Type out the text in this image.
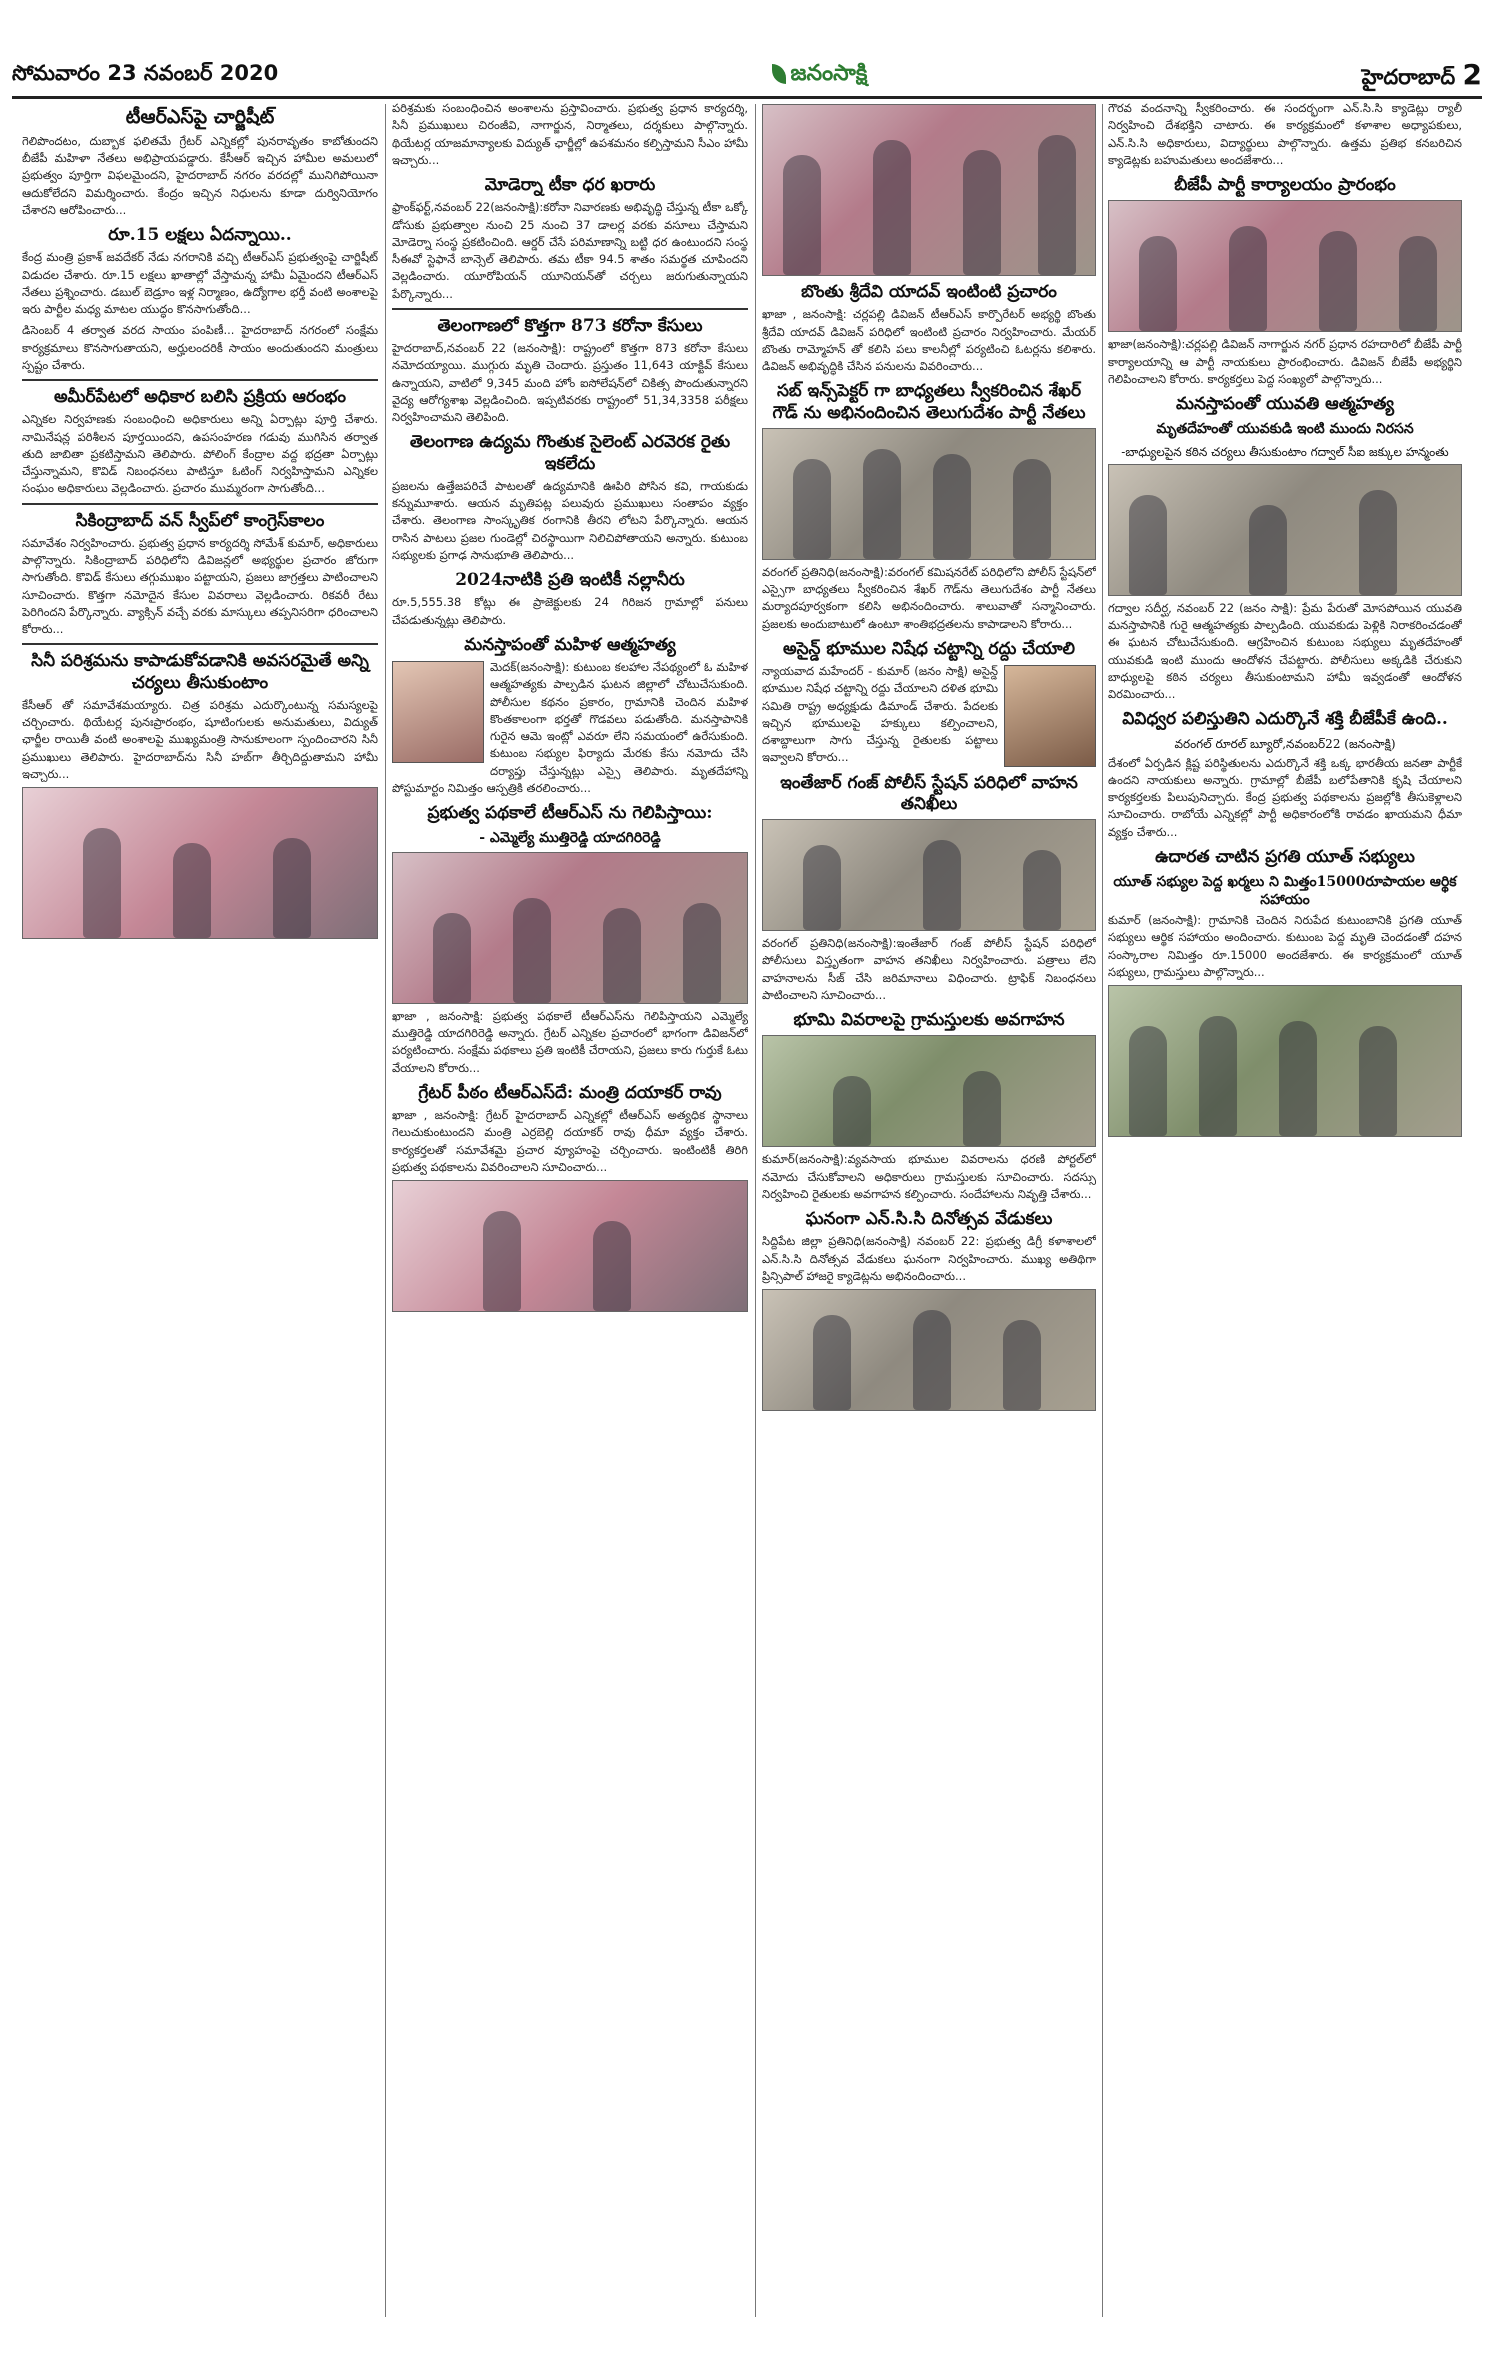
సోమవారం 23 నవంబర్ 2020	జనంసాక్షి	హైదరాబాద్ 2
టీఆర్‌ఎస్‌పై చార్జిషీట్

గెలిపొందటం, దుబ్బాక ఫలితమే గ్రేటర్ ఎన్నికల్లో పునరావృతం కాబోతుందని బీజేపీ మహిళా నేతలు అభిప్రాయపడ్డారు. కేసీఆర్ ఇచ్చిన హామీల అమలులో ప్రభుత్వం పూర్తిగా విఫలమైందని, హైదరాబాద్ నగరం వరదల్లో మునిగిపోయినా ఆదుకోలేదని విమర్శించారు. కేంద్రం ఇచ్చిన నిధులను కూడా దుర్వినియోగం చేశారని ఆరోపించారు...

రూ.15 లక్షలు ఏదన్నాయి..

కేంద్ర మంత్రి ప్రకాశ్ జవదేకర్ నేడు నగరానికి వచ్చి టీఆర్‌ఎస్ ప్రభుత్వంపై చార్జిషీట్ విడుదల చేశారు. రూ.15 లక్షలు ఖాతాల్లో వేస్తామన్న హామీ ఏమైందని టీఆర్‌ఎస్ నేతలు ప్రశ్నించారు. డబుల్ బెడ్రూం ఇళ్ల నిర్మాణం, ఉద్యోగాల భర్తీ వంటి అంశాలపై ఇరు పార్టీల మధ్య మాటల యుద్ధం కొనసాగుతోంది...

డిసెంబర్ 4 తర్వాత వరద సాయం పంపిణీ... హైదరాబాద్ నగరంలో సంక్షేమ కార్యక్రమాలు కొనసాగుతాయని, అర్హులందరికీ సాయం అందుతుందని మంత్రులు స్పష్టం చేశారు.

అమీర్‌పేటలో అధికార బలిసి ప్రక్రియ ఆరంభం

ఎన్నికల నిర్వహణకు సంబంధించి అధికారులు అన్ని ఏర్పాట్లు పూర్తి చేశారు. నామినేషన్ల పరిశీలన పూర్తయిందని, ఉపసంహరణ గడువు ముగిసిన తర్వాత తుది జాబితా ప్రకటిస్తామని తెలిపారు. పోలింగ్ కేంద్రాల వద్ద భద్రతా ఏర్పాట్లు చేస్తున్నామని, కొవిడ్ నిబంధనలు పాటిస్తూ ఓటింగ్ నిర్వహిస్తామని ఎన్నికల సంఘం అధికారులు వెల్లడించారు. ప్రచారం ముమ్మరంగా సాగుతోంది...

సికింద్రాబాద్ వన్ స్వీప్‌లో కాంగ్రెస్‌కాలం

సమావేశం నిర్వహించారు. ప్రభుత్వ ప్రధాన కార్యదర్శి సోమేశ్ కుమార్, అధికారులు పాల్గొన్నారు. సికింద్రాబాద్ పరిధిలోని డివిజన్లలో అభ్యర్థుల ప్రచారం జోరుగా సాగుతోంది. కొవిడ్ కేసులు తగ్గుముఖం పట్టాయని, ప్రజలు జాగ్రత్తలు పాటించాలని సూచించారు. కొత్తగా నమోదైన కేసుల వివరాలు వెల్లడించారు. రికవరీ రేటు పెరిగిందని పేర్కొన్నారు. వ్యాక్సిన్ వచ్చే వరకు మాస్కులు తప్పనిసరిగా ధరించాలని కోరారు...

సినీ పరిశ్రమను కాపాడుకోవడానికి అవసరమైతే అన్ని చర్యలు తీసుకుంటాం

కేసీఆర్ తో సమావేశమయ్యారు. చిత్ర పరిశ్రమ ఎదుర్కొంటున్న సమస్యలపై చర్చించారు. థియేటర్ల పునఃప్రారంభం, షూటింగులకు అనుమతులు, విద్యుత్ ఛార్జీల రాయితీ వంటి అంశాలపై ముఖ్యమంత్రి సానుకూలంగా స్పందించారని సినీ ప్రముఖులు తెలిపారు. హైదరాబాద్‌ను సినీ హబ్‌గా తీర్చిదిద్దుతామని హామీ ఇచ్చారు...

పరిశ్రమకు సంబంధించిన అంశాలను ప్రస్తావించారు. ప్రభుత్వ ప్రధాన కార్యదర్శి, సినీ ప్రముఖులు చిరంజీవి, నాగార్జున, నిర్మాతలు, దర్శకులు పాల్గొన్నారు. థియేటర్ల యాజమాన్యాలకు విద్యుత్ ఛార్జీల్లో ఉపశమనం కల్పిస్తామని సీఎం హామీ ఇచ్చారు...

మోడెర్నా టీకా ధర ఖరారు

ఫ్రాంక్‌ఫర్ట్‌,నవంబర్ 22(జనంసాక్షి):కరోనా నివారణకు అభివృద్ధి చేస్తున్న టీకా ఒక్కో డోసుకు ప్రభుత్వాల నుంచి 25 నుంచి 37 డాలర్ల వరకు వసూలు చేస్తామని మోడెర్నా సంస్థ ప్రకటించింది. ఆర్డర్ చేసే పరిమాణాన్ని బట్టి ధర ఉంటుందని సంస్థ సీఈవో స్టెఫానే బాన్సెల్ తెలిపారు. తమ టీకా 94.5 శాతం సమర్థత చూపిందని వెల్లడించారు. యూరోపియన్ యూనియన్‌తో చర్చలు జరుగుతున్నాయని పేర్కొన్నారు...

తెలంగాణలో కొత్తగా 873 కరోనా కేసులు

హైదరాబాద్,నవంబర్ 22 (జనంసాక్షి): రాష్ట్రంలో కొత్తగా 873 కరోనా కేసులు నమోదయ్యాయి. ముగ్గురు మృతి చెందారు. ప్రస్తుతం 11,643 యాక్టివ్ కేసులు ఉన్నాయని, వాటిలో 9,345 మంది హోం ఐసోలేషన్‌లో చికిత్స పొందుతున్నారని వైద్య ఆరోగ్యశాఖ వెల్లడించింది. ఇప్పటివరకు రాష్ట్రంలో 51,34,3358 పరీక్షలు నిర్వహించామని తెలిపింది.

తెలంగాణ ఉద్యమ గొంతుక సైలెంట్ ఎరవెరక రైతు ఇకలేదు

ప్రజలను ఉత్తేజపరిచే పాటలతో ఉద్యమానికి ఊపిరి పోసిన కవి, గాయకుడు కన్నుమూశారు. ఆయన మృతిపట్ల పలువురు ప్రముఖులు సంతాపం వ్యక్తం చేశారు. తెలంగాణ సాంస్కృతిక రంగానికి తీరని లోటని పేర్కొన్నారు. ఆయన రాసిన పాటలు ప్రజల గుండెల్లో చిరస్థాయిగా నిలిచిపోతాయని అన్నారు. కుటుంబ సభ్యులకు ప్రగాఢ సానుభూతి తెలిపారు...

2024నాటికి ప్రతి ఇంటికీ నల్లానీరు

రూ.5,555.38 కోట్లు ఈ ప్రాజెక్టులకు 24 గిరిజన గ్రామాల్లో పనులు చేపడుతున్నట్లు తెలిపారు.

మనస్తాపంతో మహిళ ఆత్మహత్య

మెదక్‌(జనంసాక్షి): కుటుంబ కలహాల నేపథ్యంలో ఓ మహిళ ఆత్మహత్యకు పాల్పడిన ఘటన జిల్లాలో చోటుచేసుకుంది. పోలీసుల కథనం ప్రకారం, గ్రామానికి చెందిన మహిళ కొంతకాలంగా భర్తతో గొడవలు పడుతోంది. మనస్తాపానికి గురైన ఆమె ఇంట్లో ఎవరూ లేని సమయంలో ఉరేసుకుంది. కుటుంబ సభ్యుల ఫిర్యాదు మేరకు కేసు నమోదు చేసి దర్యాప్తు చేస్తున్నట్లు ఎస్సై తెలిపారు. మృతదేహాన్ని పోస్టుమార్టం నిమిత్తం ఆస్పత్రికి తరలించారు...

ప్రభుత్వ పథకాలే టీఆర్‌ఎస్‌ ను గెలిపిస్తాయి:
- ఎమ్మెల్యే ముత్తిరెడ్డి యాదగిరిరెడ్డి

ఖాజా , జనంసాక్షి: ప్రభుత్వ పథకాలే టీఆర్‌ఎస్‌ను గెలిపిస్తాయని ఎమ్మెల్యే ముత్తిరెడ్డి యాదగిరిరెడ్డి అన్నారు. గ్రేటర్ ఎన్నికల ప్రచారంలో భాగంగా డివిజన్‌లో పర్యటించారు. సంక్షేమ పథకాలు ప్రతి ఇంటికీ చేరాయని, ప్రజలు కారు గుర్తుకే ఓటు వేయాలని కోరారు...

గ్రేటర్ పీఠం టీఆర్‌ఎస్‌దే: మంత్రి దయాకర్ రావు

ఖాజా , జనంసాక్షి: గ్రేటర్ హైదరాబాద్ ఎన్నికల్లో టీఆర్‌ఎస్ అత్యధిక స్థానాలు గెలుచుకుంటుందని మంత్రి ఎర్రబెల్లి దయాకర్ రావు ధీమా వ్యక్తం చేశారు. కార్యకర్తలతో సమావేశమై ప్రచార వ్యూహంపై చర్చించారు. ఇంటింటికీ తిరిగి ప్రభుత్వ పథకాలను వివరించాలని సూచించారు...

బొంతు శ్రీదేవి యాదవ్ ఇంటింటి ప్రచారం

ఖాజా , జనంసాక్షి: చర్లపల్లి డివిజన్ టీఆర్‌ఎస్ కార్పొరేటర్ అభ్యర్థి బొంతు శ్రీదేవి యాదవ్ డివిజన్ పరిధిలో ఇంటింటి ప్రచారం నిర్వహించారు. మేయర్ బొంతు రామ్మోహన్ తో కలిసి పలు కాలనీల్లో పర్యటించి ఓటర్లను కలిశారు. డివిజన్ అభివృద్ధికి చేసిన పనులను వివరించారు...

సబ్ ఇన్స్‌పెక్టర్ గా బాధ్యతలు స్వీకరించిన శేఖర్ గౌడ్ ను అభినందించిన తెలుగుదేశం పార్టీ నేతలు

వరంగల్ ప్రతినిధి(జనంసాక్షి):వరంగల్ కమిషనరేట్ పరిధిలోని పోలీస్ స్టేషన్‌లో ఎస్సైగా బాధ్యతలు స్వీకరించిన శేఖర్ గౌడ్‌ను తెలుగుదేశం పార్టీ నేతలు మర్యాదపూర్వకంగా కలిసి అభినందించారు. శాలువాతో సన్మానించారు. ప్రజలకు అందుబాటులో ఉంటూ శాంతిభద్రతలను కాపాడాలని కోరారు...

అసైన్డ్ భూముల నిషేధ చట్టాన్ని రద్దు చేయాలి

న్యాయవాద మహేందర్ - కుమార్ (జనం సాక్షి) అసైన్డ్ భూముల నిషేధ చట్టాన్ని రద్దు చేయాలని దళిత భూమి సమితి రాష్ట్ర అధ్యక్షుడు డిమాండ్ చేశారు. పేదలకు ఇచ్చిన భూములపై హక్కులు కల్పించాలని, దశాబ్దాలుగా సాగు చేస్తున్న రైతులకు పట్టాలు ఇవ్వాలని కోరారు...

ఇంతేజార్ గంజ్ పోలీస్ స్టేషన్ పరిధిలో వాహన తనిఖీలు

వరంగల్ ప్రతినిధి(జనంసాక్షి):ఇంతేజార్ గంజ్ పోలీస్ స్టేషన్ పరిధిలో పోలీసులు విస్తృతంగా వాహన తనిఖీలు నిర్వహించారు. పత్రాలు లేని వాహనాలను సీజ్ చేసి జరిమానాలు విధించారు. ట్రాఫిక్ నిబంధనలు పాటించాలని సూచించారు...

భూమి వివరాలపై గ్రామస్తులకు అవగాహన

కుమార్(జనంసాక్షి):వ్యవసాయ భూముల వివరాలను ధరణి పోర్టల్‌లో నమోదు చేసుకోవాలని అధికారులు గ్రామస్తులకు సూచించారు. సదస్సు నిర్వహించి రైతులకు అవగాహన కల్పించారు. సందేహాలను నివృత్తి చేశారు...

ఘనంగా ఎన్.సి.సి దినోత్సవ వేడుకలు

సిద్దిపేట జిల్లా ప్రతినిధి(జనంసాక్షి) నవంబర్ 22: ప్రభుత్వ డిగ్రీ కళాశాలలో ఎన్.సి.సి దినోత్సవ వేడుకలు ఘనంగా నిర్వహించారు. ముఖ్య అతిథిగా ప్రిన్సిపాల్ హాజరై క్యాడెట్లను అభినందించారు...

గౌరవ వందనాన్ని స్వీకరించారు. ఈ సందర్భంగా ఎన్.సి.సి క్యాడెట్లు ర్యాలీ నిర్వహించి దేశభక్తిని చాటారు. ఈ కార్యక్రమంలో కళాశాల అధ్యాపకులు, ఎన్.సి.సి అధికారులు, విద్యార్థులు పాల్గొన్నారు. ఉత్తమ ప్రతిభ కనబరిచిన క్యాడెట్లకు బహుమతులు అందజేశారు...

బీజేపీ పార్టీ కార్యాలయం ప్రారంభం

ఖాజా(జనంసాక్షి):చర్లపల్లి డివిజన్ నాగార్జున నగర్ ప్రధాన రహదారిలో బీజేపీ పార్టీ కార్యాలయాన్ని ఆ పార్టీ నాయకులు ప్రారంభించారు. డివిజన్ బీజేపీ అభ్యర్థిని గెలిపించాలని కోరారు. కార్యకర్తలు పెద్ద సంఖ్యలో పాల్గొన్నారు...

మనస్తాపంతో యువతి ఆత్మహత్య
మృతదేహంతో యువకుడి ఇంటి ముందు నిరసన
-బాధ్యులపైన కఠిన చర్యలు తీసుకుంటాం గద్వాల్ సీఐ జక్కుల హన్మంతు

గద్వాల సదీర్ఘ, నవంబర్ 22 (జనం సాక్షి): ప్రేమ పేరుతో మోసపోయిన యువతి మనస్తాపానికి గురై ఆత్మహత్యకు పాల్పడింది. యువకుడు పెళ్లికి నిరాకరించడంతో ఈ ఘటన చోటుచేసుకుంది. ఆగ్రహించిన కుటుంబ సభ్యులు మృతదేహంతో యువకుడి ఇంటి ముందు ఆందోళన చేపట్టారు. పోలీసులు అక్కడికి చేరుకుని బాధ్యులపై కఠిన చర్యలు తీసుకుంటామని హామీ ఇవ్వడంతో ఆందోళన విరమించారు...

వివిధ్వర పలిస్తుతిని ఎదుర్కొనే శక్తి బీజేపీకే ఉంది..
వరంగల్ రూరల్ బ్యూరో,నవంబర్22 (జనంసాక్షి)

దేశంలో ఏర్పడిన క్లిష్ట పరిస్థితులను ఎదుర్కొనే శక్తి ఒక్క భారతీయ జనతా పార్టీకే ఉందని నాయకులు అన్నారు. గ్రామాల్లో బీజేపీ బలోపేతానికి కృషి చేయాలని కార్యకర్తలకు పిలుపునిచ్చారు. కేంద్ర ప్రభుత్వ పథకాలను ప్రజల్లోకి తీసుకెళ్లాలని సూచించారు. రాబోయే ఎన్నికల్లో పార్టీ అధికారంలోకి రావడం ఖాయమని ధీమా వ్యక్తం చేశారు...

ఉదారత చాటిన ప్రగతి యూత్ సభ్యులు
యూత్ సభ్యుల పెద్ద ఖర్మలు ని మిత్తం15000రూపాయల ఆర్థిక సహాయం

కుమార్ (జనంసాక్షి): గ్రామానికి చెందిన నిరుపేద కుటుంబానికి ప్రగతి యూత్ సభ్యులు ఆర్థిక సహాయం అందించారు. కుటుంబ పెద్ద మృతి చెందడంతో దహన సంస్కారాల నిమిత్తం రూ.15000 అందజేశారు. ఈ కార్యక్రమంలో యూత్ సభ్యులు, గ్రామస్తులు పాల్గొన్నారు...
